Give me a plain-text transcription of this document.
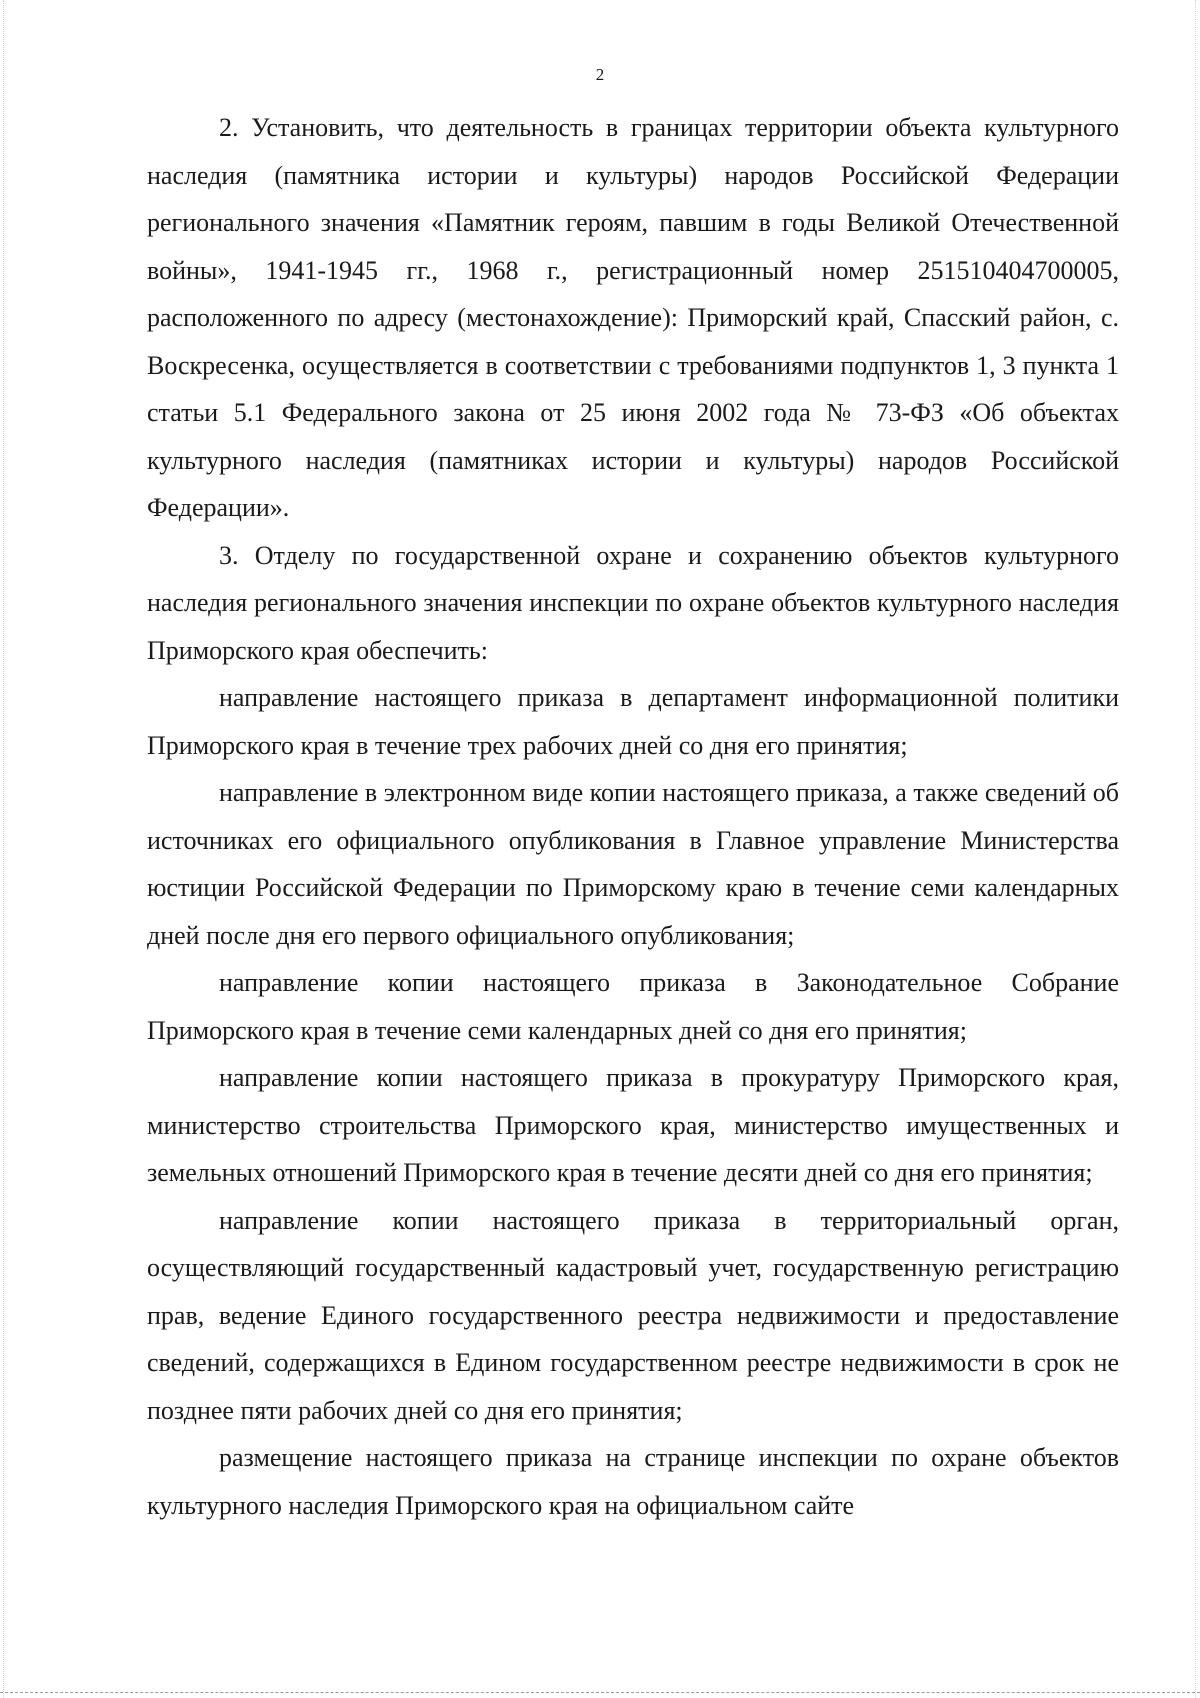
2

2. Установить, что деятельность в границах территории объекта культурного наследия (памятника истории и культуры) народов Российской Федерации регионального значения «Памятник героям, павшим в годы Великой Отечественной войны», 1941-1945 гг., 1968 г., регистрационный номер 251510404700005, расположенного по адресу (местонахождение): Приморский край, Спасский район, с. Воскресенка, осуществляется в соответствии с требованиями подпунктов 1, 3 пункта 1 статьи 5.1 Федерального закона от 25 июня 2002 года № 73-ФЗ «Об объектах культурного наследия (памятниках истории и культуры) народов Российской Федерации».

3. Отделу по государственной охране и сохранению объектов культурного наследия регионального значения инспекции по охране объектов культурного наследия Приморского края обеспечить:

направление настоящего приказа в департамент информационной политики Приморского края в течение трех рабочих дней со дня его принятия;

направление в электронном виде копии настоящего приказа, а также сведений об источниках его официального опубликования в Главное управление Министерства юстиции Российской Федерации по Приморскому краю в течение семи календарных дней после дня его первого официального опубликования;

направление копии настоящего приказа в Законодательное Собрание Приморского края в течение семи календарных дней со дня его принятия;

направление копии настоящего приказа в прокуратуру Приморского края, министерство строительства Приморского края, министерство имущественных и земельных отношений Приморского края в течение десяти дней со дня его принятия;

направление копии настоящего приказа в территориальный орган, осуществляющий государственный кадастровый учет, государственную регистрацию прав, ведение Единого государственного реестра недвижимости и предоставление сведений, содержащихся в Едином государственном реестре недвижимости в срок не позднее пяти рабочих дней со дня его принятия;

размещение настоящего приказа на странице инспекции по охране объектов культурного наследия Приморского края на официальном сайте
